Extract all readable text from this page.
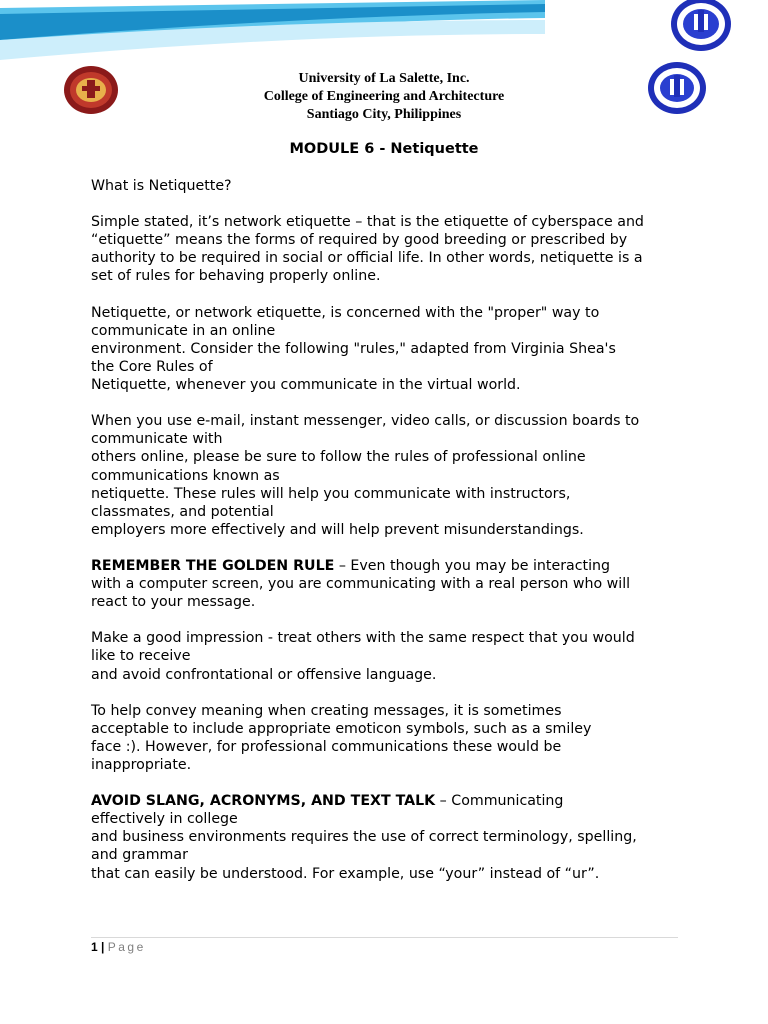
University of La Salette, Inc.
College of Engineering and Architecture
Santiago City, Philippines
MODULE 6 - Netiquette

What is Netiquette?

Simple stated, it’s network etiquette – that is the etiquette of cyberspace and
“etiquette” means the forms of required by good breeding or prescribed by
authority to be required in social or official life. In other words, netiquette is a
set of rules for behaving properly online.

Netiquette, or network etiquette, is concerned with the "proper" way to
communicate in an online
environment. Consider the following "rules," adapted from Virginia Shea's
the Core Rules of
Netiquette, whenever you communicate in the virtual world.

When you use e-mail, instant messenger, video calls, or discussion boards to
communicate with
others online, please be sure to follow the rules of professional online
communications known as
netiquette. These rules will help you communicate with instructors,
classmates, and potential
employers more effectively and will help prevent misunderstandings.

REMEMBER THE GOLDEN RULE – Even though you may be interacting
with a computer screen, you are communicating with a real person who will
react to your message.

Make a good impression - treat others with the same respect that you would
like to receive
and avoid confrontational or offensive language.

To help convey meaning when creating messages, it is sometimes
acceptable to include appropriate emoticon symbols, such as a smiley
face :). However, for professional communications these would be
inappropriate.

AVOID SLANG, ACRONYMS, AND TEXT TALK – Communicating
effectively in college
and business environments requires the use of correct terminology, spelling,
and grammar
that can easily be understood. For example, use “your” instead of “ur”.

1 | Page
